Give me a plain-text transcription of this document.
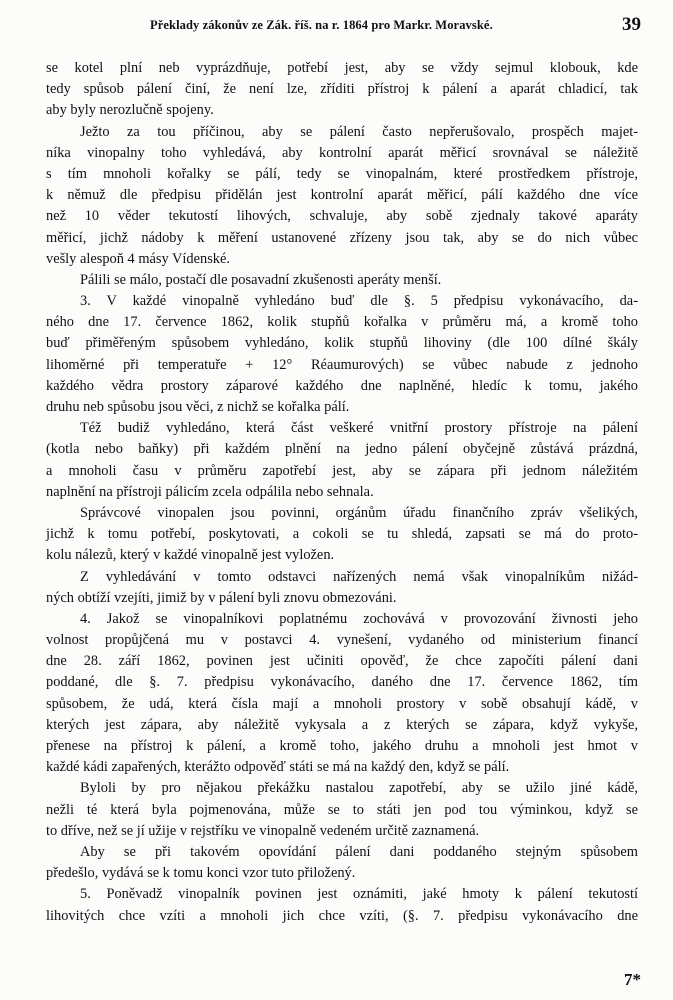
Překlady zákonův ze Zák. říš. na r. 1864 pro Markr. Moravské.	39
se kotel plní neb vyprázdňuje, potřebí jest, aby se vždy sejmul klobouk, kde
tedy spůsob pálení činí, že není lze, zříditi přístroj k pálení a aparát chladicí, tak
aby byly nerozlučně spojeny.
Ježto za tou příčinou, aby se pálení často nepřerušovalo, prospěch majet-
níka vinopalny toho vyhledává, aby kontrolní aparát měřicí srovnával se náležitě
s tím mnoholi kořalky se pálí, tedy se vinopalnám, které prostředkem přístroje,
k němuž dle předpisu přidělán jest kontrolní aparát měřicí, pálí každého dne více
než 10 věder tekutostí lihových, schvaluje, aby sobě zjednaly takové aparáty
měřicí, jichž nádoby k měření ustanovené zřízeny jsou tak, aby se do nich vůbec
vešly alespoň 4 másy Vídenské.
Pálili se málo, postačí dle posavadní zkušenosti aperáty menší.
3. V každé vinopalně vyhledáno buď dle §. 5 předpisu vykonávacího, da-
ného dne 17. července 1862, kolik stupňů kořalka v průměru má, a kromě toho
buď přiměřeným spůsobem vyhledáno, kolik stupňů lihoviny (dle 100 dílné škály
lihoměrné při temperatuře + 12° Réaumurových) se vůbec nabude z jednoho
každého vědra prostory záparové každého dne naplněné, hledíc k tomu, jakého
druhu neb spůsobu jsou věci, z nichž se kořalka pálí.
Též budiž vyhledáno, která část veškeré vnitřní prostory přístroje na pálení
(kotla nebo baňky) při každém plnění na jedno pálení obyčejně zůstává prázdná,
a mnoholi času v průměru zapotřebí jest, aby se zápara při jednom náležitém
naplnění na přístroji pálicím zcela odpálila nebo sehnala.
Správcové vinopalen jsou povinni, orgánům úřadu finančního zpráv všelikých,
jichž k tomu potřebí, poskytovati, a cokoli se tu shledá, zapsati se má do proto-
kolu nálezů, který v každé vinopalně jest vyložen.
Z vyhledávání v tomto odstavci nařízených nemá však vinopalníkům nižád-
ných obtíží vzejíti, jimiž by v pálení byli znovu obmezováni.
4. Jakož se vinopalníkovi poplatnému zochovává v provozování živnosti jeho
volnost propůjčená mu v postavci 4. vynešení, vydaného od ministerium financí
dne 28. září 1862, povinen jest učiniti opověď, že chce započíti pálení dani
poddané, dle §. 7. předpisu vykonávacího, daného dne 17. července 1862, tím
spůsobem, že udá, která čísla mají a mnoholi prostory v sobě obsahují kádě, v
kterých jest zápara, aby náležitě vykysala a z kterých se zápara, když vykyše,
přenese na přístroj k pálení, a kromě toho, jakého druhu a mnoholi jest hmot v
každé kádi zapařených, kterážto odpověď státi se má na každý den, když se pálí.
Byloli by pro nějakou překážku nastalou zapotřebí, aby se užilo jiné kádě,
nežli té která byla pojmenována, může se to státi jen pod tou výminkou, když se
to dříve, než se jí užije v rejstříku ve vinopalně vedeném určitě zaznamená.
Aby se při takovém opovídání pálení dani poddaného stejným spůsobem
předešlo, vydává se k tomu konci vzor tuto přiložený.
5. Poněvadž vinopalník povinen jest oznámiti, jaké hmoty k pálení tekutostí
lihovitých chce vzíti a mnoholi jich chce vzíti, (§. 7. předpisu vykonávacího dne
7*
